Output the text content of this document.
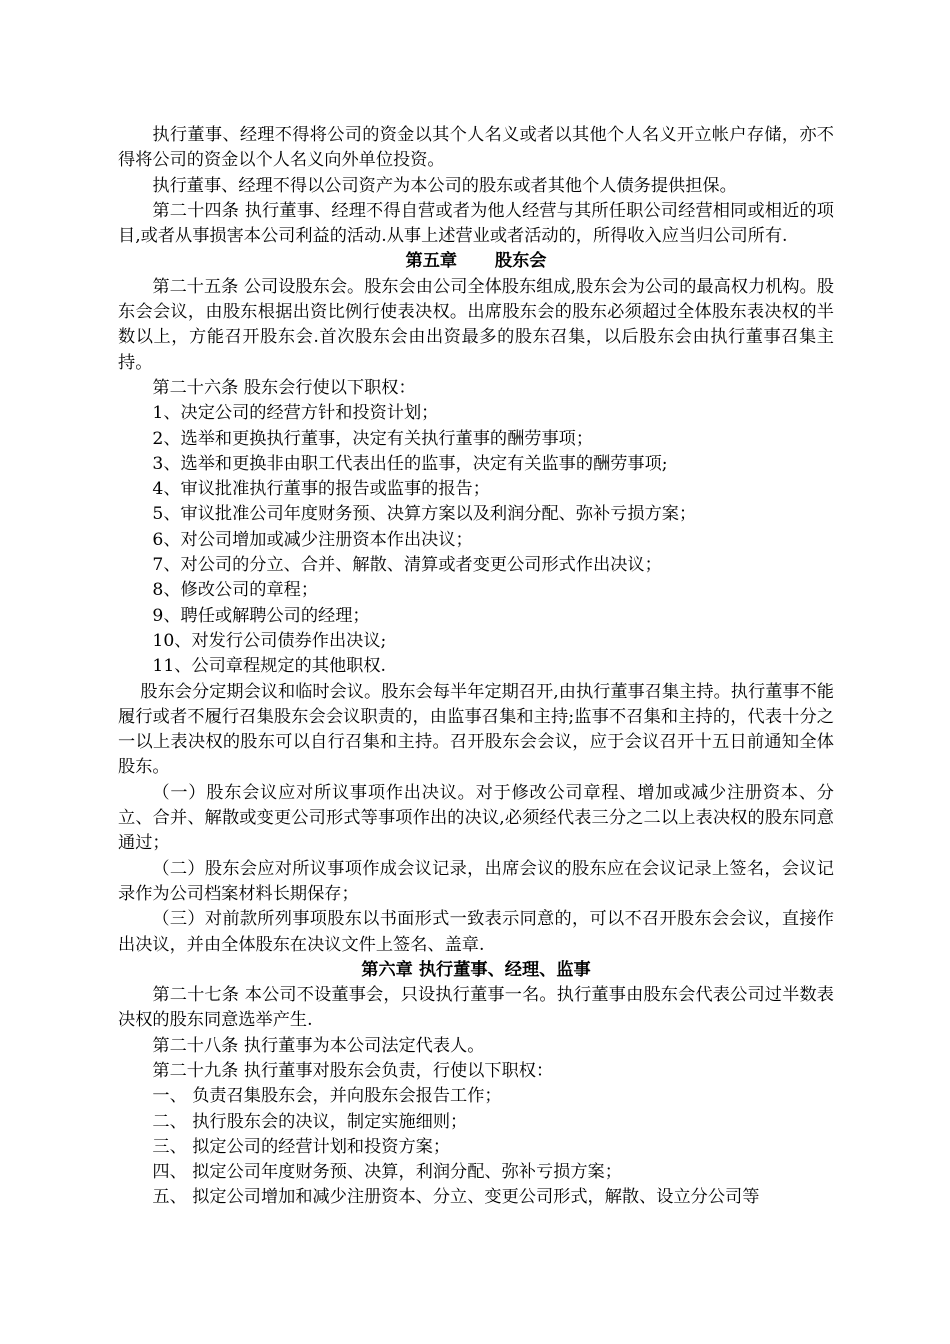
执行董事、经理不得将公司的资金以其个人名义或者以其他个人名义开立帐户存储，亦不得将公司的资金以个人名义向外单位投资。

执行董事、经理不得以公司资产为本公司的股东或者其他个人债务提供担保。

第二十四条 执行董事、经理不得自营或者为他人经营与其所任职公司经营相同或相近的项目,或者从事损害本公司利益的活动.从事上述营业或者活动的，所得收入应当归公司所有.

第五章 股东会

第二十五条 公司设股东会。股东会由公司全体股东组成,股东会为公司的最高权力机构。股东会会议，由股东根据出资比例行使表决权。出席股东会的股东必须超过全体股东表决权的半数以上，方能召开股东会.首次股东会由出资最多的股东召集，以后股东会由执行董事召集主持。

第二十六条 股东会行使以下职权：

1、决定公司的经营方针和投资计划；

2、选举和更换执行董事，决定有关执行董事的酬劳事项；

3、选举和更换非由职工代表出任的监事，决定有关监事的酬劳事项;

4、审议批准执行董事的报告或监事的报告；

5、审议批准公司年度财务预、决算方案以及利润分配、弥补亏损方案；

6、对公司增加或减少注册资本作出决议；

7、对公司的分立、合并、解散、清算或者变更公司形式作出决议；

8、修改公司的章程；

9、聘任或解聘公司的经理；

10、对发行公司债券作出决议;

11、公司章程规定的其他职权.

股东会分定期会议和临时会议。股东会每半年定期召开,由执行董事召集主持。执行董事不能履行或者不履行召集股东会会议职责的，由监事召集和主持;监事不召集和主持的，代表十分之一以上表决权的股东可以自行召集和主持。召开股东会会议，应于会议召开十五日前通知全体股东。

（一）股东会议应对所议事项作出决议。对于修改公司章程、增加或减少注册资本、分立、合并、解散或变更公司形式等事项作出的决议,必须经代表三分之二以上表决权的股东同意通过；

（二）股东会应对所议事项作成会议记录，出席会议的股东应在会议记录上签名，会议记录作为公司档案材料长期保存；

（三）对前款所列事项股东以书面形式一致表示同意的，可以不召开股东会会议，直接作出决议，并由全体股东在决议文件上签名、盖章.

第六章 执行董事、经理、监事

第二十七条 本公司不设董事会，只设执行董事一名。执行董事由股东会代表公司过半数表决权的股东同意选举产生.

第二十八条 执行董事为本公司法定代表人。

第二十九条 执行董事对股东会负责，行使以下职权：

一、 负责召集股东会，并向股东会报告工作；

二、 执行股东会的决议，制定实施细则；

三、 拟定公司的经营计划和投资方案；

四、 拟定公司年度财务预、决算，利润分配、弥补亏损方案；

五、 拟定公司增加和减少注册资本、分立、变更公司形式，解散、设立分公司等
